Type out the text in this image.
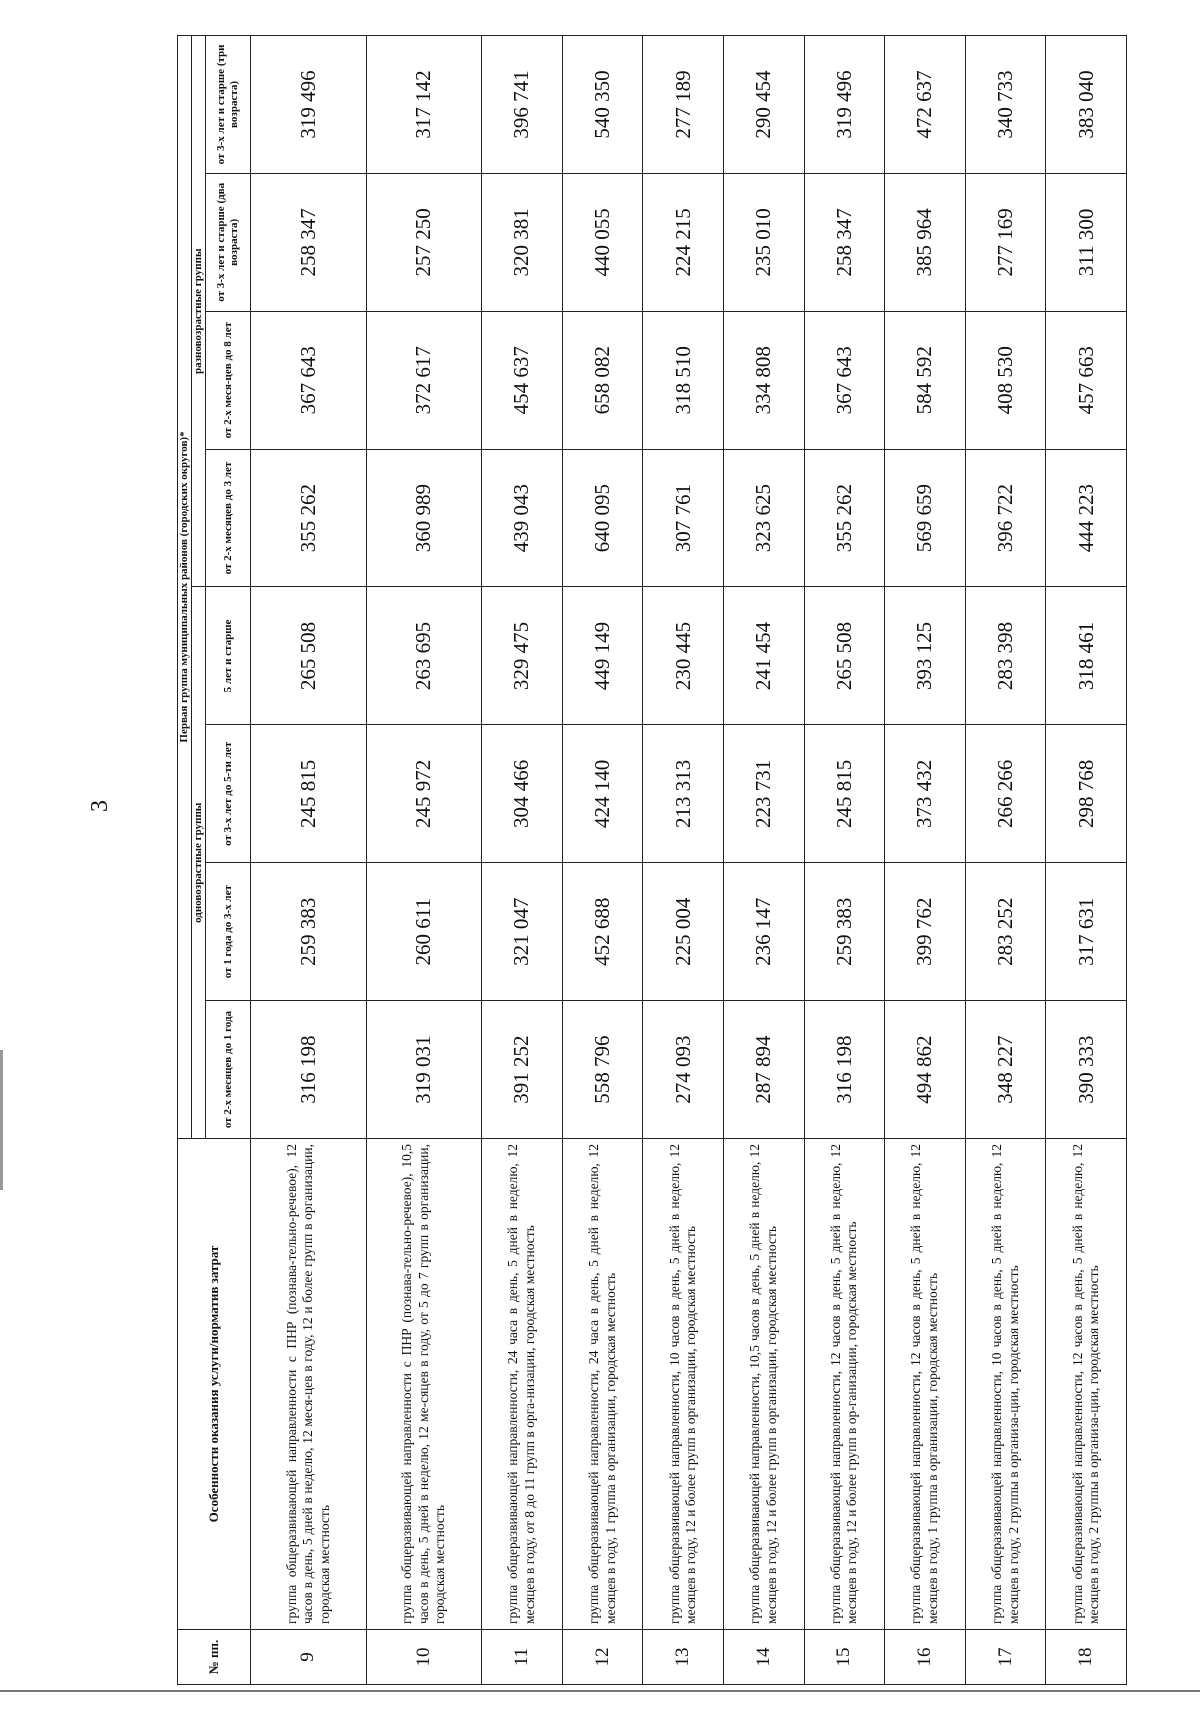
3
№ пп.	Особенности оказания услуги/норматив затрат	Первая группа муниципальных районов (городских округов)*							
		одновозрастные группы				разновозрастные группы			
		от 2-х месяцев до 1 года	от 1 года до 3-х лет	от 3-х лет до 5-ти лет	5 лет и старше	от 2-х месяцев до 3 лет	от 2-х меся-цев до 8 лет	от 3-х лет и старше (два возраста)	от 3-х лет и старше (три возраста)

9	группа общеразвивающей направленности с ПНР (познава-тельно-речевое), 12 часов в день, 5 дней в неделю, 12 меся-цев в году, 12 и более групп в организации, городская местность	316 198	259 383	245 815	265 508	355 262	367 643	258 347	319 496
10	группа общеразвивающей направленности с ПНР (познава-тельно-речевое), 10,5 часов в день, 5 дней в неделю, 12 ме-сяцев в году, от 5 до 7 групп в организации, городская местность	319 031	260 611	245 972	263 695	360 989	372 617	257 250	317 142
11	группа общеразвивающей направленности, 24 часа в день, 5 дней в неделю, 12 месяцев в году, от 8 до 11 групп в орга-низации, городская местность	391 252	321 047	304 466	329 475	439 043	454 637	320 381	396 741
12	группа общеразвивающей направленности, 24 часа в день, 5 дней в неделю, 12 месяцев в году, 1 группа в организации, городская местность	558 796	452 688	424 140	449 149	640 095	658 082	440 055	540 350
13	группа общеразвивающей направленности, 10 часов в день, 5 дней в неделю, 12 месяцев в году, 12 и более групп в организации, городская местность	274 093	225 004	213 313	230 445	307 761	318 510	224 215	277 189
14	группа общеразвивающей направленности, 10,5 часов в день, 5 дней в неделю, 12 месяцев в году, 12 и более групп в организации, городская местность	287 894	236 147	223 731	241 454	323 625	334 808	235 010	290 454
15	группа общеразвивающей направленности, 12 часов в день, 5 дней в неделю, 12 месяцев в году, 12 и более групп в ор-ганизации, городская местность	316 198	259 383	245 815	265 508	355 262	367 643	258 347	319 496
16	группа общеразвивающей направленности, 12 часов в день, 5 дней в неделю, 12 месяцев в году, 1 группа в организации, городская местность	494 862	399 762	373 432	393 125	569 659	584 592	385 964	472 637
17	группа общеразвивающей направленности, 10 часов в день, 5 дней в неделю, 12 месяцев в году, 2 группы в организа-ции, городская местность	348 227	283 252	266 266	283 398	396 722	408 530	277 169	340 733
18	группа общеразвивающей направленности, 12 часов в день, 5 дней в неделю, 12 месяцев в году, 2 группы в организа-ции, городская местность	390 333	317 631	298 768	318 461	444 223	457 663	311 300	383 040
